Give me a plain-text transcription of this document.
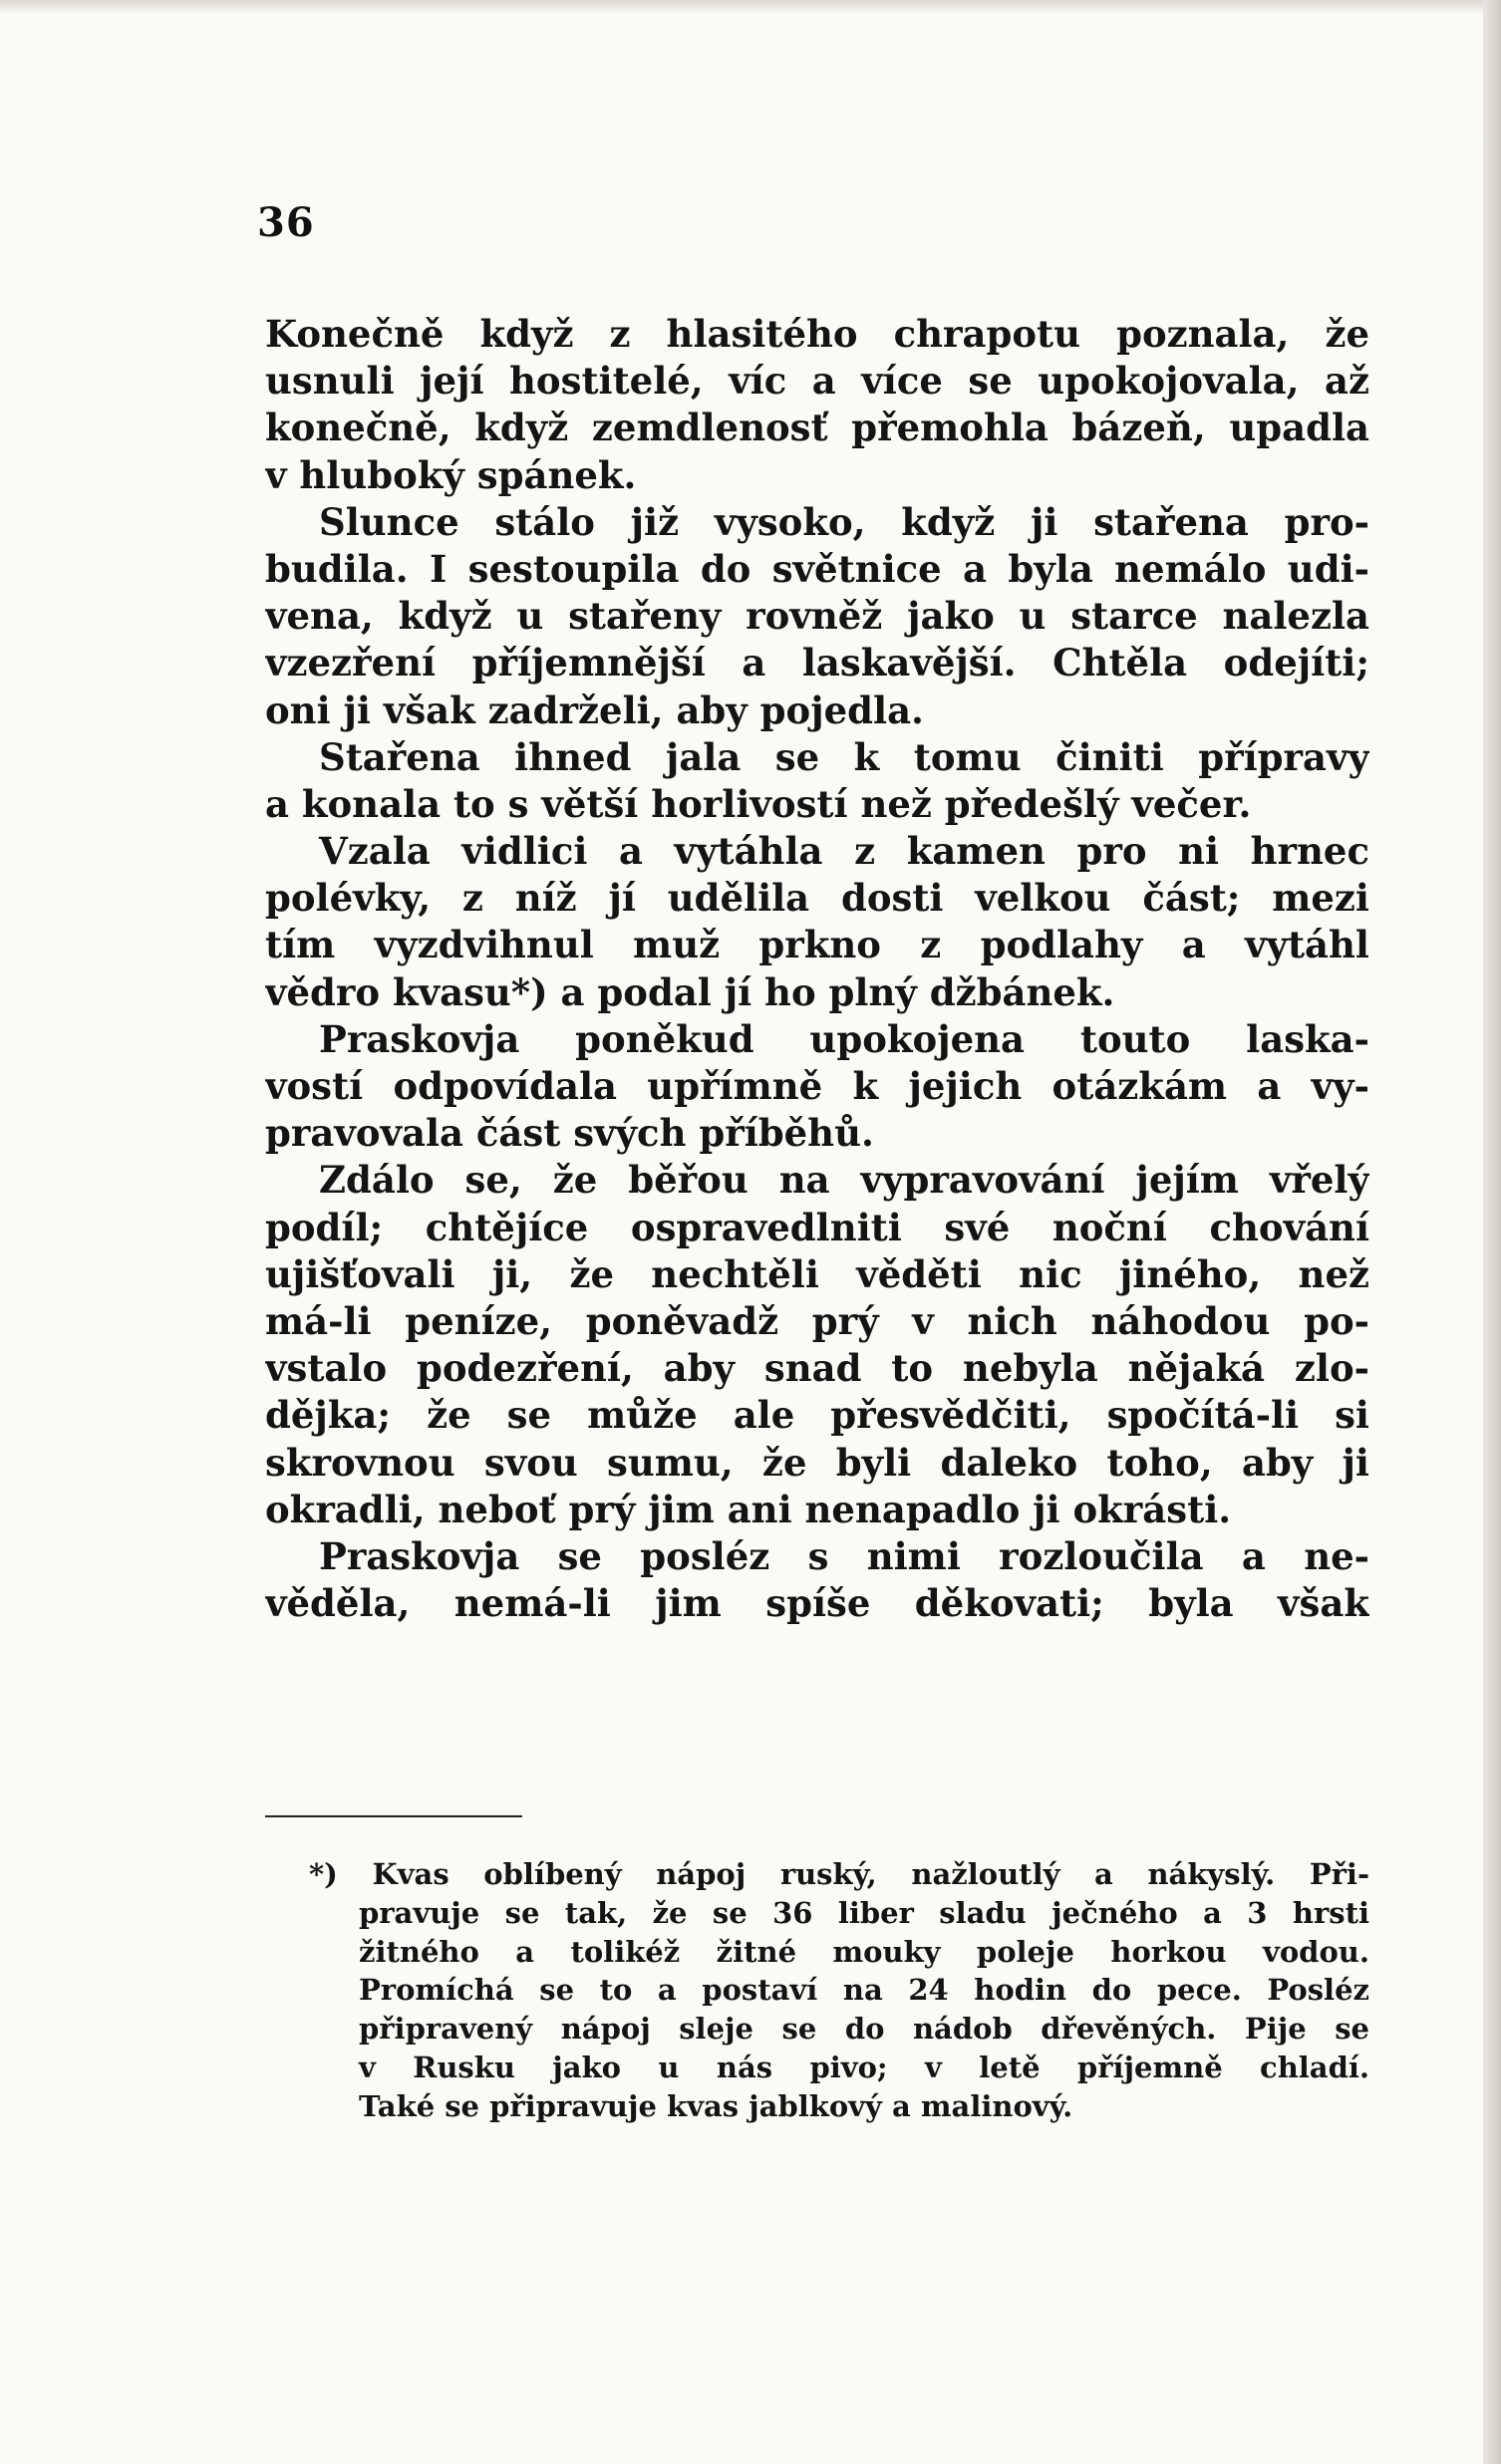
36
Konečně když z hlasitého chrapotu poznala, že
usnuli její hostitelé, víc a více se upokojovala, až
konečně, když zemdlenosť přemohla bázeň, upadla
v hluboký spánek.
Slunce stálo již vysoko, když ji stařena pro-
budila. I sestoupila do světnice a byla nemálo udi-
vena, když u stařeny rovněž jako u starce nalezla
vzezření příjemnější a laskavější. Chtěla odejíti;
oni ji však zadrželi, aby pojedla.
Stařena ihned jala se k tomu činiti přípravy
a konala to s větší horlivostí než předešlý večer.
Vzala vidlici a vytáhla z kamen pro ni hrnec
polévky, z níž jí udělila dosti velkou část; mezi
tím vyzdvihnul muž prkno z podlahy a vytáhl
vědro kvasu*) a podal jí ho plný džbánek.
Praskovja poněkud upokojena touto laska-
vostí odpovídala upřímně k jejich otázkám a vy-
pravovala část svých příběhů.
Zdálo se, že běřou na vypravování jejím vřelý
podíl; chtějíce ospravedlniti své noční chování
ujišťovali ji, že nechtěli věděti nic jiného, než
má-li peníze, poněvadž prý v nich náhodou po-
vstalo podezření, aby snad to nebyla nějaká zlo-
dějka; že se může ale přesvědčiti, spočítá-li si
skrovnou svou sumu, že byli daleko toho, aby ji
okradli, neboť prý jim ani nenapadlo ji okrásti.
Praskovja se posléz s nimi rozloučila a ne-
věděla, nemá-li jim spíše děkovati; byla však
*) Kvas oblíbený nápoj ruský, nažloutlý a nákyslý. Při-
pravuje se tak, že se 36 liber sladu ječného a 3 hrsti
žitného a tolikéž žitné mouky poleje horkou vodou.
Promíchá se to a postaví na 24 hodin do pece. Posléz
připravený nápoj sleje se do nádob dřevěných. Pije se
v Rusku jako u nás pivo; v letě příjemně chladí.
Také se připravuje kvas jablkový a malinový.
